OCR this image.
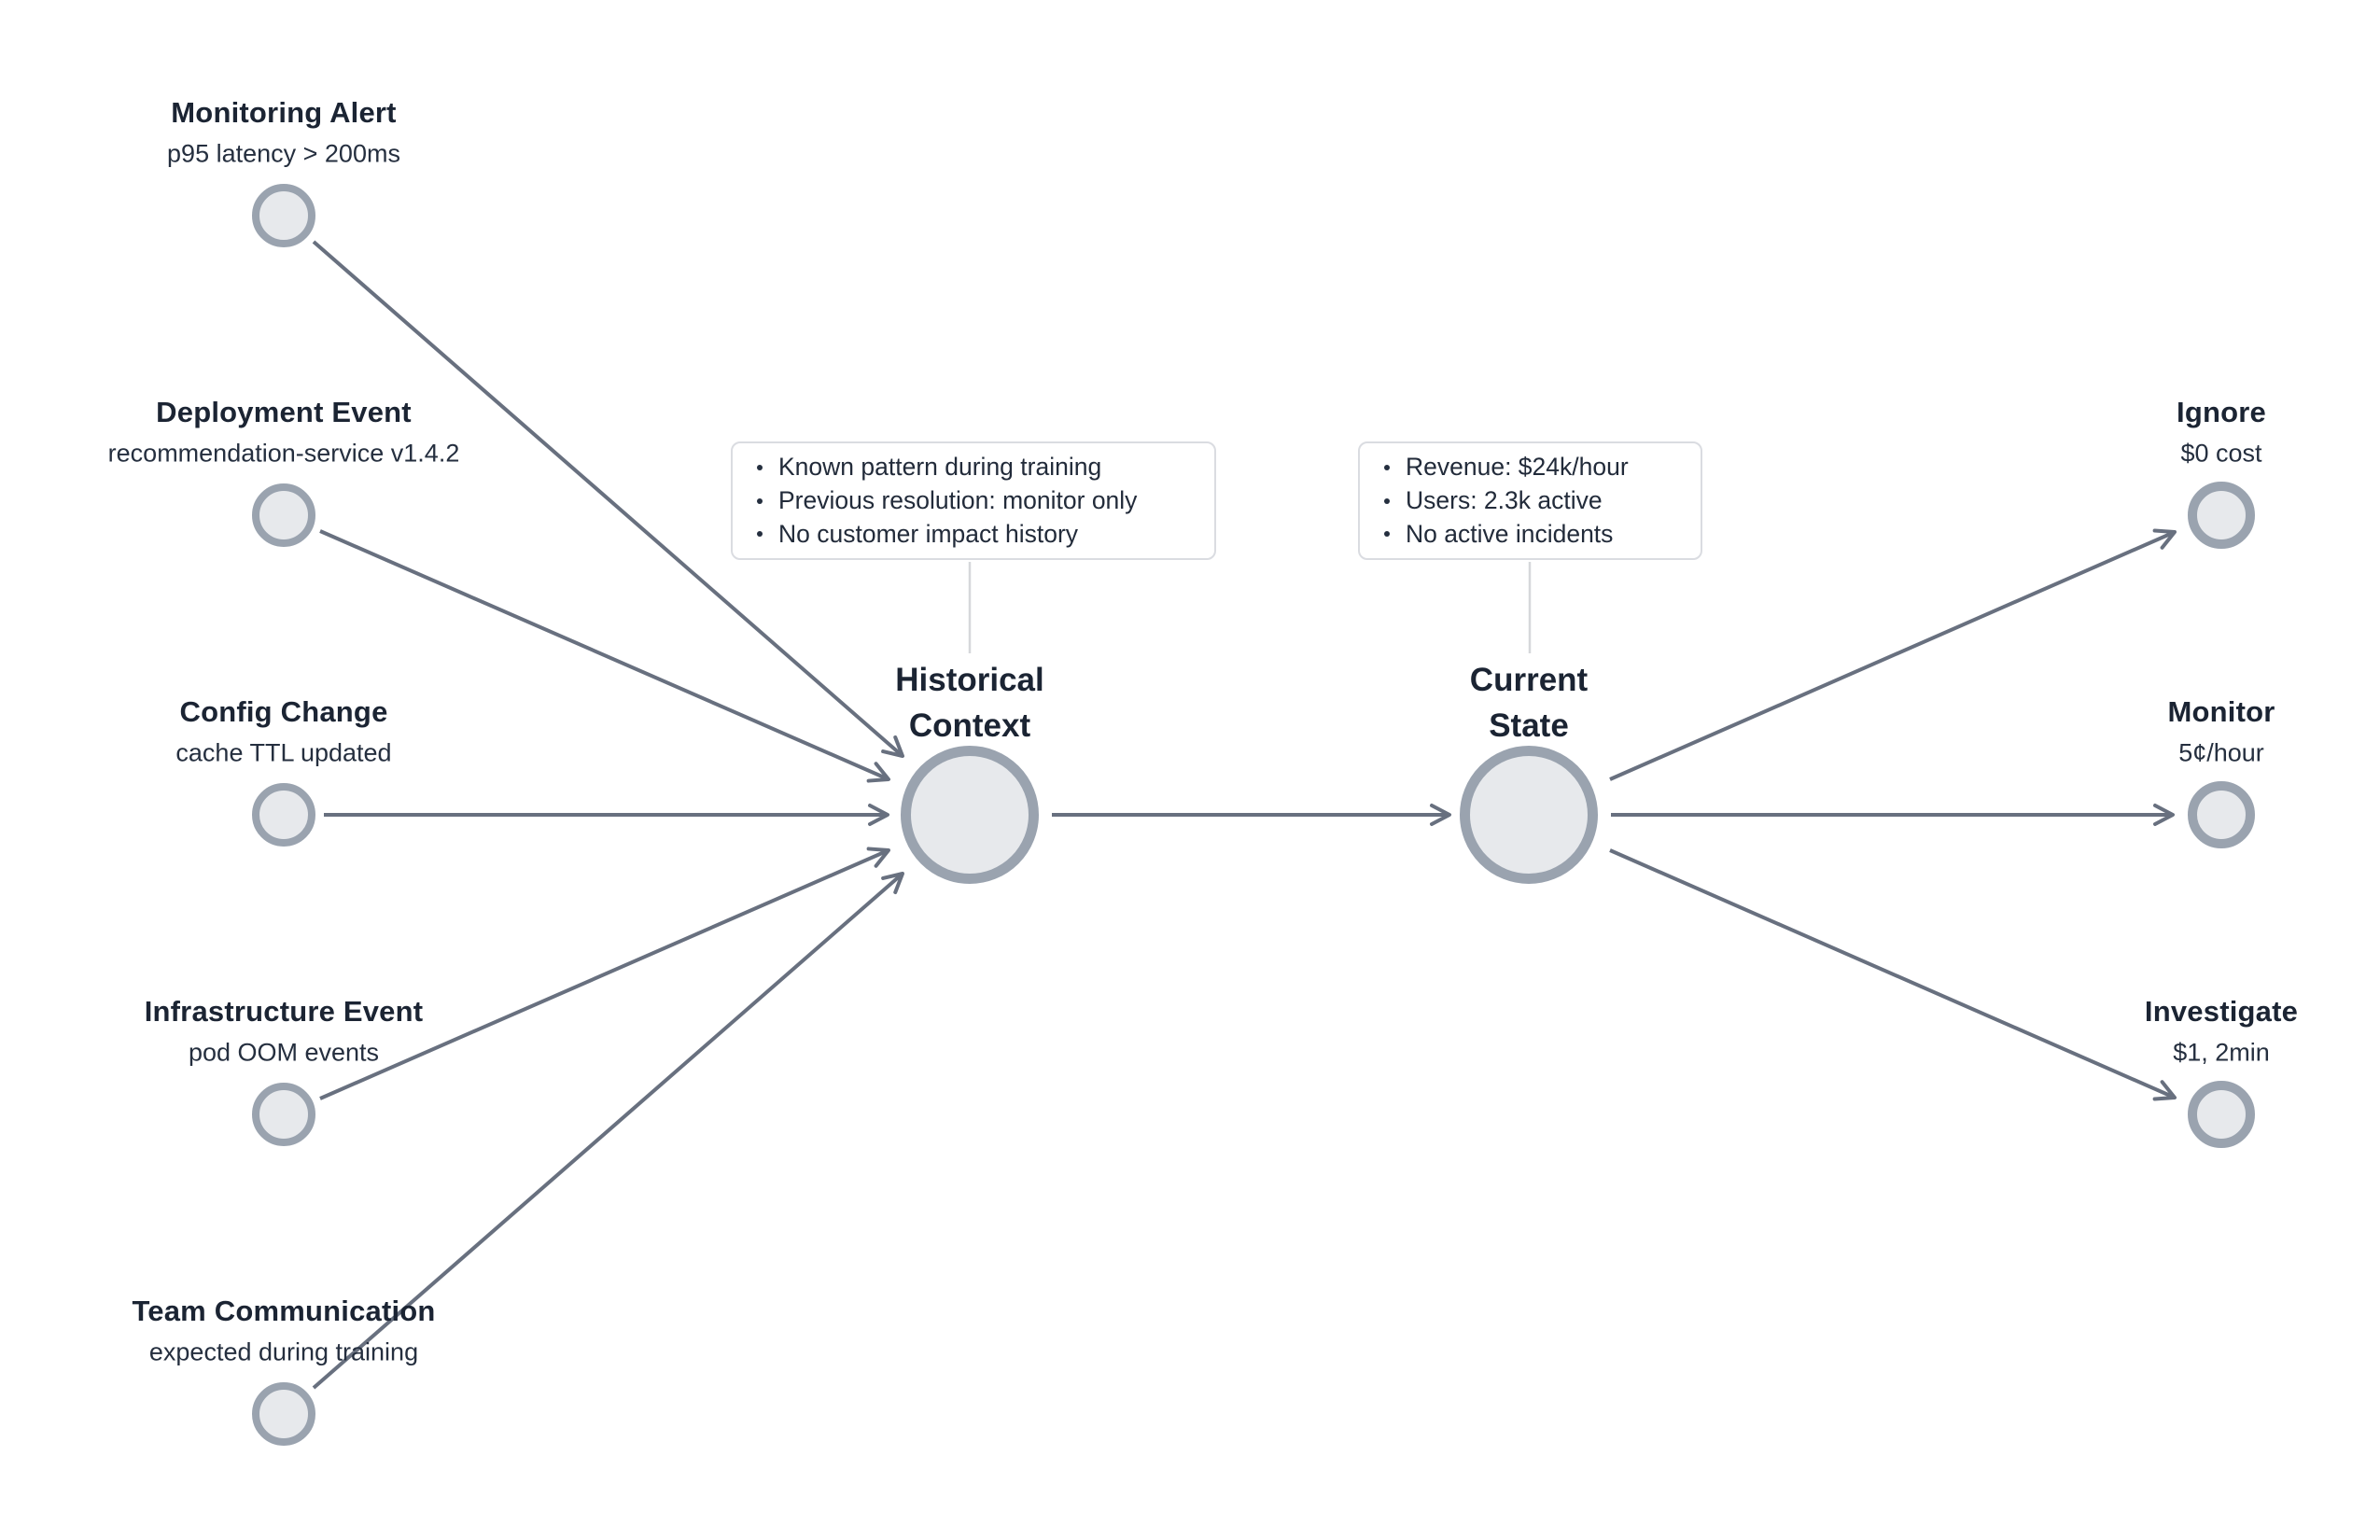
Monitoring Alert
p95 latency > 200ms
Deployment Event
recommendation-service v1.4.2
Config Change
cache TTL updated
Infrastructure Event
pod OOM events
Team Communication
expected during training
Historical
Context
Current
State
Known pattern during training
Previous resolution: monitor only
No customer impact history
Revenue: $24k/hour
Users: 2.3k active
No active incidents
Ignore
$0 cost
Monitor
5¢/hour
Investigate
$1, 2min
